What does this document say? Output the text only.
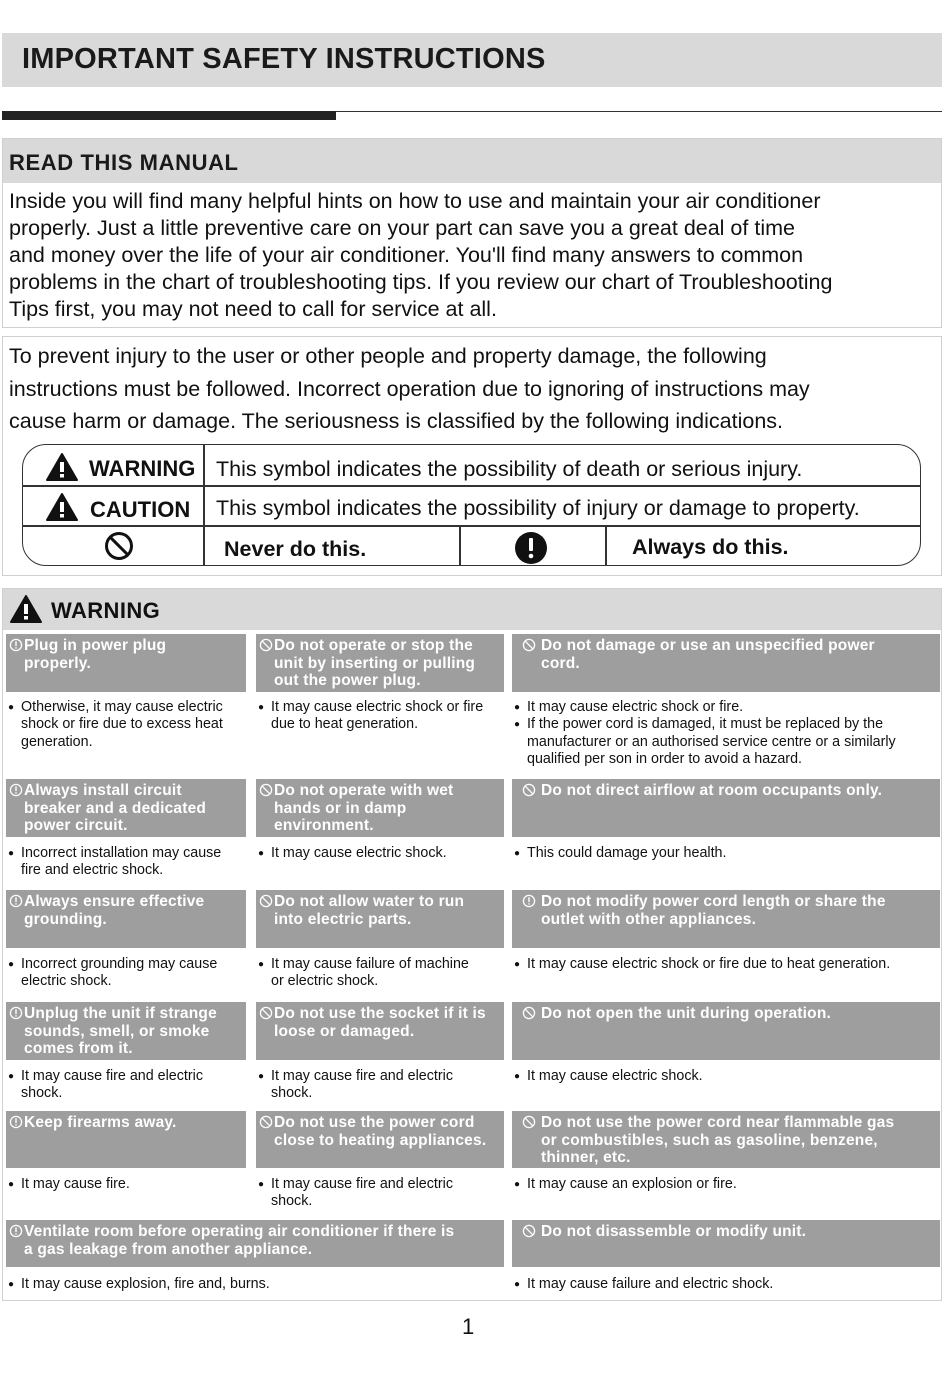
IMPORTANT SAFETY INSTRUCTIONS
READ THIS MANUAL
Inside you will find many helpful hints on how to use and maintain your air conditioner
properly. Just a little preventive care on your part can save you a great deal of time
and money over the life of your air conditioner. You'll find many answers to common
problems in the chart of troubleshooting tips. If you review our chart of Troubleshooting
Tips first, you may not need to call for service at all.
To prevent injury to the user or other people and property damage, the following
instructions must be followed. Incorrect operation due to ignoring of instructions may
cause harm or damage. The seriousness is classified by the following indications.
WARNING This symbol indicates the possibility of death or serious injury.
CAUTION This symbol indicates the possibility of injury or damage to property.
Never do this.	Always do this.
WARNING
Plug in power plug
properly.
● Otherwise, it may cause electric
shock or fire due to excess heat
generation.
Do not operate or stop the
unit by inserting or pulling
out the power plug.
● It may cause electric shock or fire
due to heat generation.
Do not damage or use an unspecified power
cord.
● It may cause electric shock or fire.
● If the power cord is damaged, it must be replaced by the
manufacturer or an authorised service centre or a similarly
qualified per son in order to avoid a hazard.
Always install circuit
breaker and a dedicated
power circuit.
● Incorrect installation may cause
fire and electric shock.
Do not operate with wet
hands or in damp
environment.
● It may cause electric shock.
Do not direct airflow at room occupants only.
● This could damage your health.
Always ensure effective
grounding.
● Incorrect grounding may cause
electric shock.
Do not allow water to run
into electric parts.
● It may cause failure of machine
or electric shock.
Do not modify power cord length or share the
outlet with other appliances.
● It may cause electric shock or fire due to heat generation.
Unplug the unit if strange
sounds, smell, or smoke
comes from it.
● It may cause fire and electric
shock.
Do not use the socket if it is
loose or damaged.
● It may cause fire and electric
shock.
Do not open the unit during operation.
● It may cause electric shock.
Keep firearms away.
● It may cause fire.
Do not use the power cord
close to heating appliances.
● It may cause fire and electric
shock.
Do not use the power cord near flammable gas
or combustibles, such as gasoline, benzene,
thinner, etc.
● It may cause an explosion or fire.
Ventilate room before operating air conditioner if there is
a gas leakage from another appliance.
● It may cause explosion, fire and, burns.
Do not disassemble or modify unit.
● It may cause failure and electric shock.
1
